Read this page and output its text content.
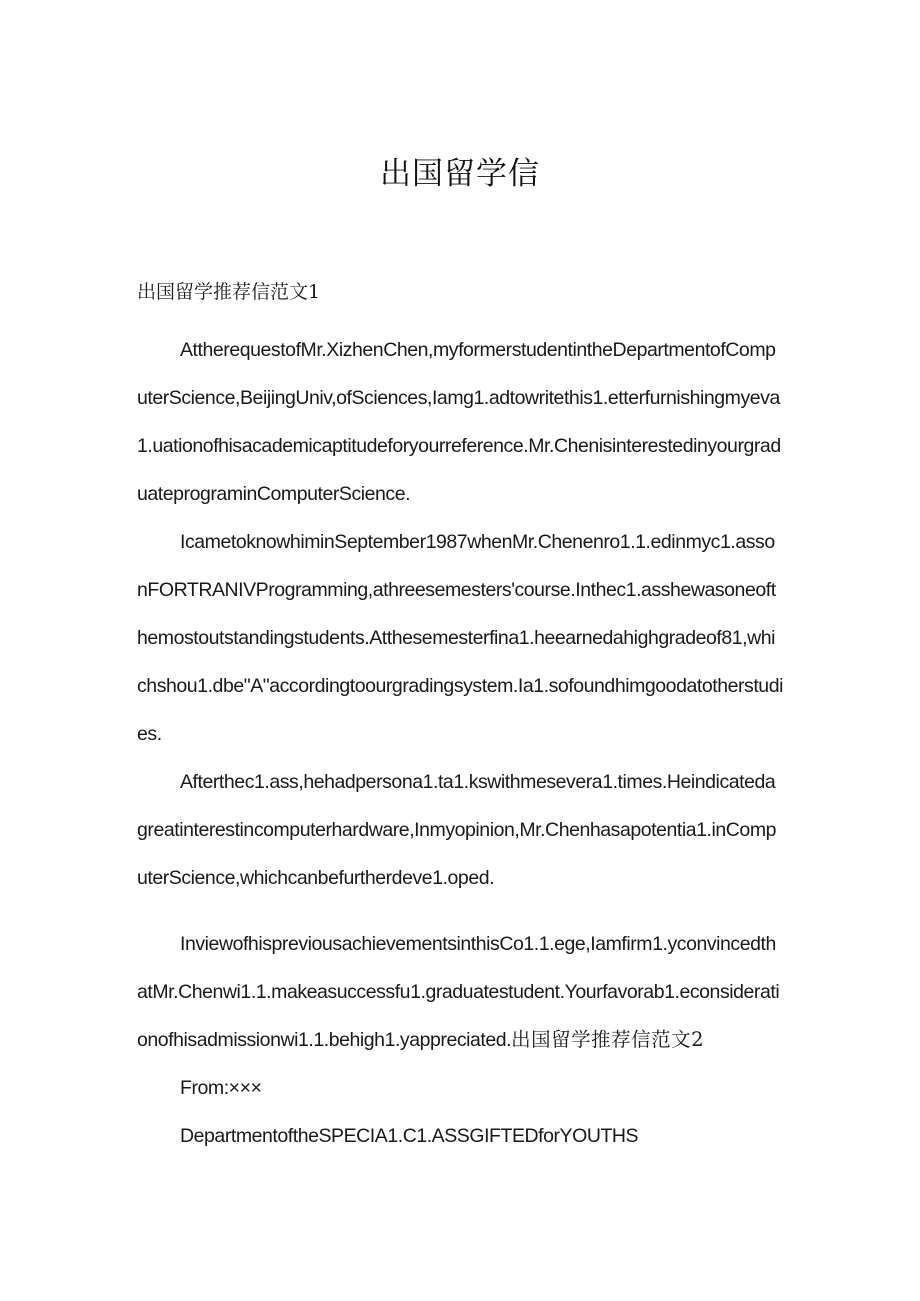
出国留学信

出国留学推荐信范文1

AttherequestofMr.XizhenChen,myformerstudentintheDepartmentofComputerScience,BeijingUniv,ofSciences,Iamg1.adtowritethis1.etterfurnishingmyeva1.uationofhisacademicaptitudeforyourreference.Mr.ChenisinterestedinyourgraduateprograminComputerScience.

IcametoknowhiminSeptember1987whenMr.Chenenro1.1.edinmyc1.assonFORTRANIVProgramming,athreesemesters'course.Inthec1.asshewasoneofthemostoutstandingstudents.Atthesemesterfina1.heearnedahighgradeof81,whichshou1.dbe"A"accordingtoourgradingsystem.Ia1.sofoundhimgoodatotherstudies.

Afterthec1.ass,hehadpersona1.ta1.kswithmesevera1.times.Heindicatedagreatinterestincomputerhardware,Inmyopinion,Mr.Chenhasapotentia1.inComputerScience,whichcanbefurtherdeve1.oped.

InviewofhispreviousachievementsinthisCo1.1.ege,Iamfirm1.yconvincedthatMr.Chenwi1.1.makeasuccessfu1.graduatestudent.Yourfavorab1.econsiderationofhisadmissionwi1.1.behigh1.yappreciated.出国留学推荐信范文2

From:×××

DepartmentoftheSPECIA1.C1.ASSGIFTEDforYOUTHS
